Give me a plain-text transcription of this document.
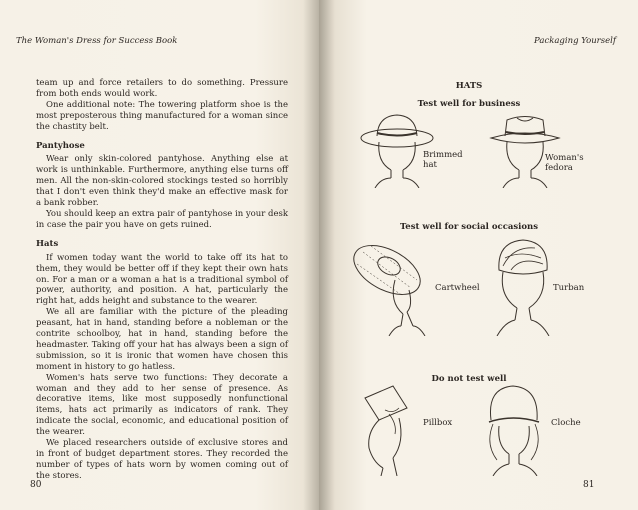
The Woman's Dress for Success Book

team up and force retailers to do something. Pressure from both ends would work.

One additional note: The towering platform shoe is the most preposterous thing manufactured for a woman since the chastity belt.

Pantyhose

Wear only skin-colored pantyhose. Anything else at work is unthinkable. Furthermore, anything else turns off men. All the non-skin-colored stockings tested so horribly that I don't even think they'd make an effective mask for a bank robber.

You should keep an extra pair of pantyhose in your desk in case the pair you have on gets ruined.

Hats

If women today want the world to take off its hat to them, they would be better off if they kept their own hats on. For a man or a woman a hat is a traditional symbol of power, authority, and position. A hat, particularly the right hat, adds height and substance to the wearer.

We all are familiar with the picture of the pleading peasant, hat in hand, standing before a nobleman or the contrite schoolboy, hat in hand, standing before the headmaster. Taking off your hat has always been a sign of submission, so it is ironic that women have chosen this moment in history to go hatless.

Women's hats serve two functions: They decorate a woman and they add to her sense of presence. As decorative items, like most supposedly nonfunctional items, hats act primarily as indicators of rank. They indicate the social, economic, and educational position of the wearer.

We placed researchers outside of exclusive stores and in front of budget department stores. They recorded the number of types of hats worn by women coming out of the stores.

80
Packaging Yourself
HATS
Test well for business
Brimmed
hat
Woman's
fedora
Test well for social occasions
Cartwheel	Turban
Do not test well
Pillbox	Cloche
81
